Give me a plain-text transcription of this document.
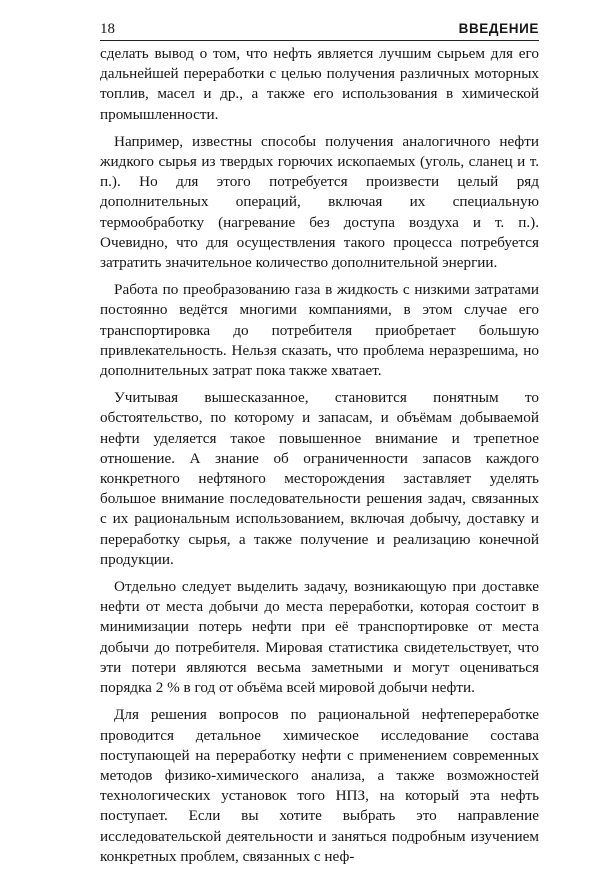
18	ВВЕДЕНИЕ

сделать вывод о том, что нефть является лучшим сырьем для его дальнейшей переработки с целью получения различных моторных топлив, масел и др., а также его использования в химической промышленности.

Например, известны способы получения аналогичного нефти жидкого сырья из твердых горючих ископаемых (уголь, сланец и т. п.). Но для этого потребуется произвести целый ряд дополнительных операций, включая их специальную термообработку (нагревание без доступа воздуха и т. п.). Очевидно, что для осуществления такого процесса потребуется затратить значительное количество дополнительной энергии.

Работа по преобразованию газа в жидкость с низкими затратами постоянно ведётся многими компаниями, в этом случае его транспортировка до потребителя приобретает большую привлекательность. Нельзя сказать, что проблема неразрешима, но дополнительных затрат пока также хватает.

Учитывая вышесказанное, становится понятным то обстоятельство, по которому и запасам, и объёмам добываемой нефти уделяется такое повышенное внимание и трепетное отношение. А знание об ограниченности запасов каждого конкретного нефтяного месторождения заставляет уделять большое внимание последовательности решения задач, связанных с их рациональным использованием, включая добычу, доставку и переработку сырья, а также получение и реализацию конечной продукции.

Отдельно следует выделить задачу, возникающую при доставке нефти от места добычи до места переработки, которая состоит в минимизации потерь нефти при её транспортировке от места добычи до потребителя. Мировая статистика свидетельствует, что эти потери являются весьма заметными и могут оцениваться порядка 2 % в год от объёма всей мировой добычи нефти.

Для решения вопросов по рациональной нефтепереработке проводится детальное химическое исследование состава поступающей на переработку нефти с применением современных методов физико-химического анализа, а также возможностей технологических установок того НПЗ, на который эта нефть поступает. Если вы хотите выбрать это направление исследовательской деятельности и заняться подробным изучением конкретных проблем, связанных с неф-
